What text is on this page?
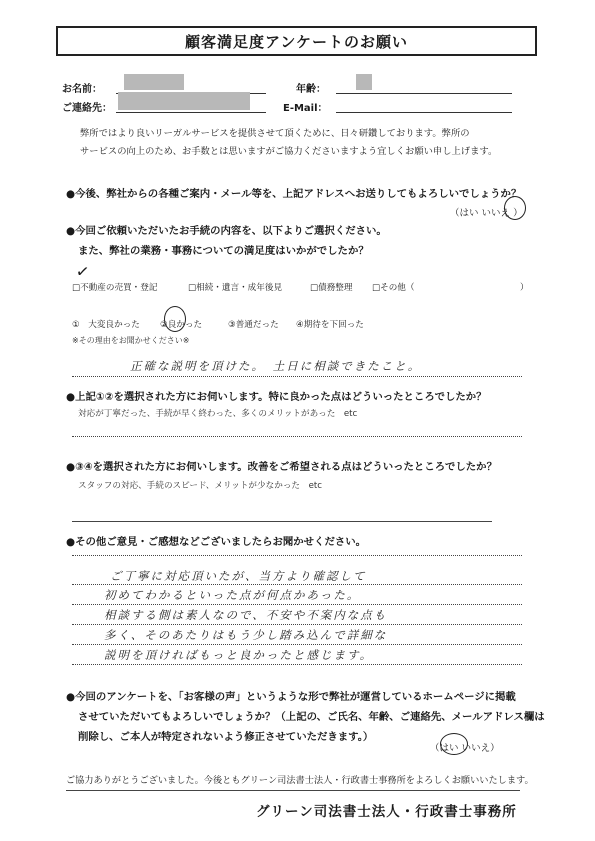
顧客満足度アンケートのお願い
お名前：	年齢：
ご連絡先：	E-Mail：
弊所ではより良いリーガルサービスを提供させて頂くために、日々研鑽しております。弊所の
サービスの向上のため、お手数とは思いますがご協力くださいますよう宜しくお願い申し上げます。
●今後、弊社からの各種ご案内・メール等を、上記アドレスへお送りしてもよろしいでしょうか？
（はい いいえ ）
●今回ご依頼いただいたお手続の内容を、以下よりご選択ください。
また、弊社の業務・事務についての満足度はいかがでしたか？
✓
□不動産の売買・登記	□相続・遺言・成年後見	□債務整理 □その他（	）
①　大変良かった ②良かった	③普通だった ④期待を下回った
※その理由をお聞かせください※
正確な説明を頂けた。　土日に相談できたこと。
●上記①②を選択された方にお伺いします。特に良かった点はどういったところでしたか？
対応が丁寧だった、手続が早く終わった、多くのメリットがあった　etc
●③④を選択された方にお伺いします。改善をご希望される点はどういったところでしたか？
スタッフの対応、手続のスピード、メリットが少なかった　etc
●その他ご意見・ご感想などございましたらお聞かせください。
ご丁寧に対応頂いたが、当方より確認して
初めてわかるといった点が何点かあった。
相談する側は素人なので、不安や不案内な点も
多く、そのあたりはもう少し踏み込んで詳細な
説明を頂ければもっと良かったと感じます。
●今回のアンケートを、「お客様の声」というような形で弊社が運営しているホームページに掲載
させていただいてもよろしいでしょうか？（上記の、ご氏名、年齢、ご連絡先、メールアドレス欄は
削除し、ご本人が特定されないよう修正させていただきます。）
（はい いいえ）
ご協力ありがとうございました。今後ともグリーン司法書士法人・行政書士事務所をよろしくお願いいたします。
グリーン司法書士法人・行政書士事務所
